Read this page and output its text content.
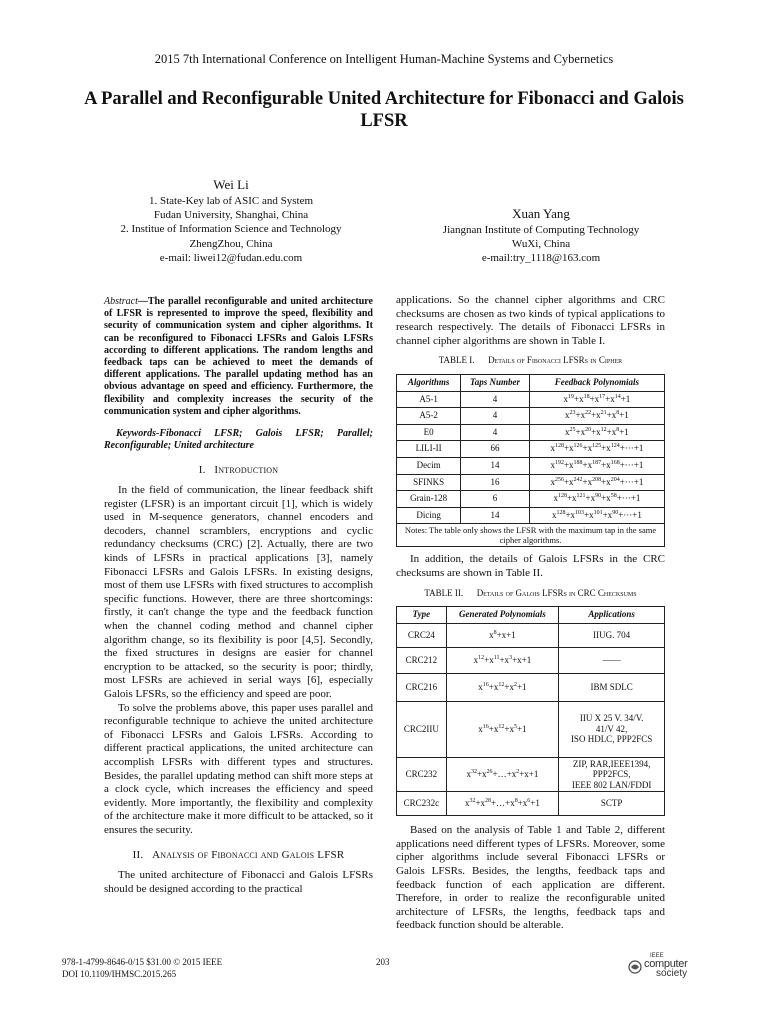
2015 7th International Conference on Intelligent Human-Machine Systems and Cybernetics
A Parallel and Reconfigurable United Architecture for Fibonacci and Galois LFSR
Wei Li
1. State-Key lab of ASIC and System
Fudan University, Shanghai, China
2. Institue of Information Science and Technology
ZhengZhou, China
e-mail: liwei12@fudan.edu.com
Xuan Yang
Jiangnan Institute of Computing Technology
WuXi, China
e-mail:try_1118@163.com
Abstract—The parallel reconfigurable and united architecture of LFSR is represented to improve the speed, flexibility and security of communication system and cipher algorithms. It can be reconfigured to Fibonacci LFSRs and Galois LFSRs according to different applications. The random lengths and feedback taps can be achieved to meet the demands of different applications. The parallel updating method has an obvious advantage on speed and efficiency. Furthermore, the flexibility and complexity increases the security of the communication system and cipher algorithms.
Keywords-Fibonacci LFSR; Galois LFSR; Parallel; Reconfigurable; United architecture
I. Introduction
In the field of communication, the linear feedback shift register (LFSR) is an important circuit [1], which is widely used in M-sequence generators, channel encoders and decoders, channel scramblers, encryptions and cyclic redundancy checksums (CRC) [2]. Actually, there are two kinds of LFSRs in practical applications [3], namely Fibonacci LFSRs and Galois LFSRs. In existing designs, most of them use LFSRs with fixed structures to accomplish specific functions. However, there are three shortcomings: firstly, it can't change the type and the feedback function when the channel coding method and channel cipher algorithm change, so its flexibility is poor [4,5]. Secondly, the fixed structures in designs are easier for channel encryption to be attacked, so the security is poor; thirdly, most LFSRs are achieved in serial ways [6], especially Galois LFSRs, so the efficiency and speed are poor.
To solve the problems above, this paper uses parallel and reconfigurable technique to achieve the united architecture of Fibonacci LFSRs and Galois LFSRs. According to different practical applications, the united architecture can accomplish LFSRs with different types and structures. Besides, the parallel updating method can shift more steps at a clock cycle, which increases the efficiency and speed evidently. More importantly, the flexibility and complexity of the architecture make it more difficult to be attacked, so it ensures the security.
II. Analysis of Fibonacci and Galois LFSR
The united architecture of Fibonacci and Galois LFSRs should be designed according to the practical
applications. So the channel cipher algorithms and CRC checksums are chosen as two kinds of typical applications to research respectively. The details of Fibonacci LFSRs in channel cipher algorithms are shown in Table I.
TABLE I. Details of Fibonacci LFSRs in Cipher
Algorithms	Taps Number	Feedback Polynomials
A5-1	4	$x^{19}+x^{18}+x^{17}+x^{14}+1$
A5-2	4	$x^{23}+x^{22}+x^{21}+x^8+1$
E0	4	$x^{25}+x^{20}+x^{12}+x^8+1$
LILI-II	66	$x^{128}+x^{126}+x^{125}+x^{124}+\cdot\cdot\cdot+1$
Decim	14	$x^{192}+x^{188}+x^{187}+x^{168}+\cdot\cdot\cdot+1$
SFINKS	16	$x^{256}+x^{242}+x^{208}+x^{204}+\cdot\cdot\cdot+1$
Grain-128	6	$x^{128}+x^{121}+x^{90}+x^{58}+\cdot\cdot\cdot+1$
Dicing	14	$x^{128}+x^{103}+x^{101}+x^{90}+\cdot\cdot\cdot+1$
Notes: The table only shows the LFSR with the maximum tap in the same cipher algorithms.		
In addition, the details of Galois LFSRs in the CRC checksums are shown in Table II.
TABLE II. Details of Galois LFSRs in CRC Checksums
Type	Generated Polynomials	Applications
CRC24	$x^8+x+1$	IIUG. 704
CRC212	$x^{12}+x^{11}+x^3+x+1$	——
CRC216	$x^{16}+x^{12}+x^2+1$	IBM SDLC
CRC2IIU	$x^{16}+x^{12}+x^5+1$	IIU X 25 V. 34/V.
41/V 42,
ISO HDLC, PPP2FCS
CRC232	$x^{32}+x^{26}+\dots+x^2+x+1$	ZIP, RAR,IEEE1394,
PPP2FCS,
IEEE 802 LAN/FDDI
CRC232c	$x^{32}+x^{28}+\dots+x^8+x^6+1$	SCTP
Based on the analysis of Table 1 and Table 2, different applications need different types of LFSRs. Moreover, some cipher algorithms include several Fibonacci LFSRs or Galois LFSRs. Besides, the lengths, feedback taps and feedback function of each application are different. Therefore, in order to realize the reconfigurable united architecture of LFSRs, the lengths, feedback taps and feedback function should be alterable.
978-1-4799-8646-0/15 $31.00 © 2015 IEEE
DOI 10.1109/IHMSC.2015.265
203
IEEE
computer
society
